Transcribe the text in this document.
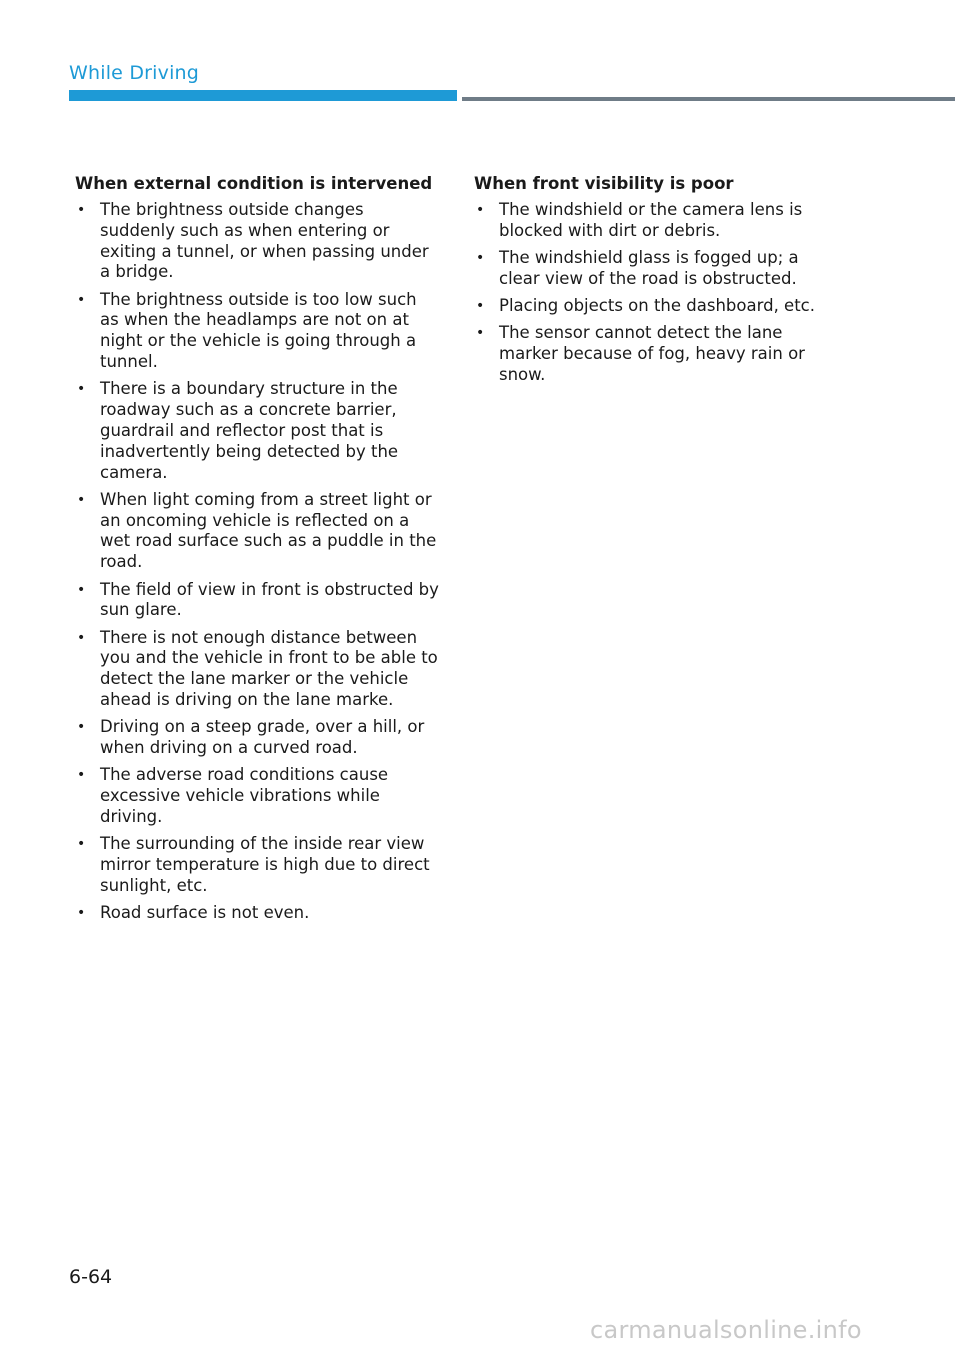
While Driving
When external condition is intervened
• The brightness outside changes suddenly such as when entering or exiting a tunnel, or when passing under a bridge.
• The brightness outside is too low such as when the headlamps are not on at night or the vehicle is going through a tunnel.
• There is a boundary structure in the roadway such as a concrete barrier, guardrail and reflector post that is inadvertently being detected by the camera.
• When light coming from a street light or an oncoming vehicle is reflected on a wet road surface such as a puddle in the road.
• The field of view in front is obstructed by sun glare.
• There is not enough distance between you and the vehicle in front to be able to detect the lane marker or the vehicle ahead is driving on the lane marke.
• Driving on a steep grade, over a hill, or when driving on a curved road.
• The adverse road conditions cause excessive vehicle vibrations while driving.
• The surrounding of the inside rear view mirror temperature is high due to direct sunlight, etc.
• Road surface is not even.
When front visibility is poor
• The windshield or the camera lens is blocked with dirt or debris.
• The windshield glass is fogged up; a clear view of the road is obstructed.
• Placing objects on the dashboard, etc.
• The sensor cannot detect the lane marker because of fog, heavy rain or snow.
6-64
carmanualsonline.info
